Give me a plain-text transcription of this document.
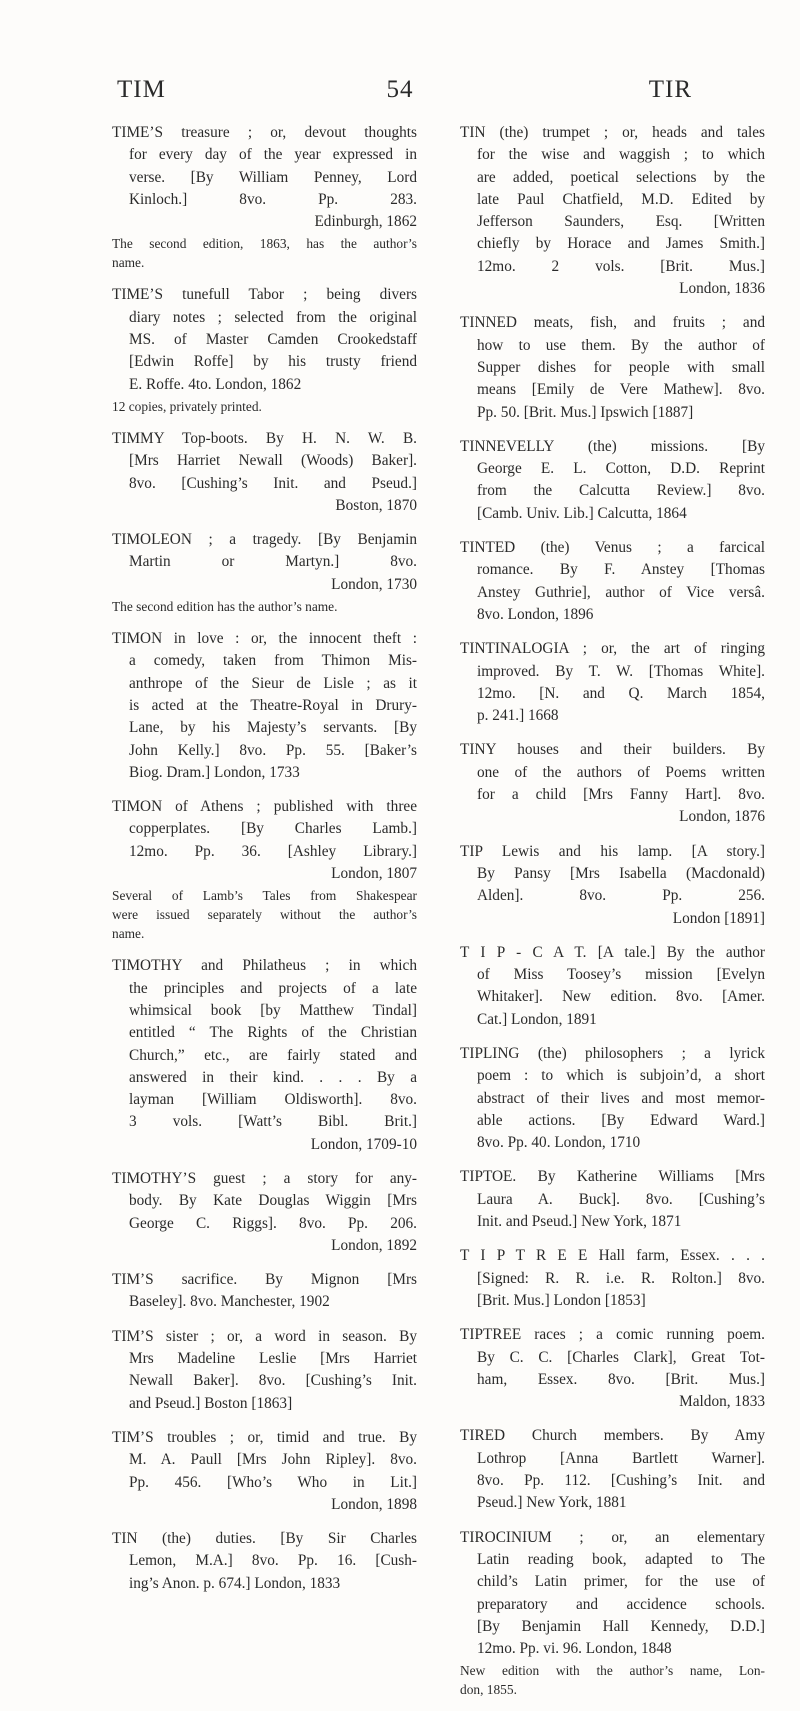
TIM	54	TIR
TIME’S treasure ; or, devout thoughts
for every day of the year expressed in
verse. [By William Penney, Lord
Kinloch.] 8vo. Pp. 283.
Edinburgh, 1862
The second edition, 1863, has the author’s
name.
TIME’S tunefull Tabor ; being divers
diary notes ; selected from the original
MS. of Master Camden Crookedstaff
[Edwin Roffe] by his trusty friend
E. Roffe. 4to. London, 1862
12 copies, privately printed.
TIMMY Top-boots. By H. N. W. B.
[Mrs Harriet Newall (Woods) Baker].
8vo. [Cushing’s Init. and Pseud.]
Boston, 1870
TIMOLEON ; a tragedy. [By Benjamin
Martin or Martyn.] 8vo.
London, 1730
The second edition has the author’s name.
TIMON in love : or, the innocent theft :
a comedy, taken from Thimon Mis-
anthrope of the Sieur de Lisle ; as it
is acted at the Theatre-Royal in Drury-
Lane, by his Majesty’s servants. [By
John Kelly.] 8vo. Pp. 55. [Baker’s
Biog. Dram.] London, 1733
TIMON of Athens ; published with three
copperplates. [By Charles Lamb.]
12mo. Pp. 36. [Ashley Library.]
London, 1807
Several of Lamb’s Tales from Shakespear
were issued separately without the author’s
name.
TIMOTHY and Philatheus ; in which
the principles and projects of a late
whimsical book [by Matthew Tindal]
entitled “ The Rights of the Christian
Church,” etc., are fairly stated and
answered in their kind. . . . By a
layman [William Oldisworth]. 8vo.
3 vols. [Watt’s Bibl. Brit.]
London, 1709-10
TIMOTHY’S guest ; a story for any-
body. By Kate Douglas Wiggin [Mrs
George C. Riggs]. 8vo. Pp. 206.
London, 1892
TIM’S sacrifice. By Mignon [Mrs
Baseley]. 8vo. Manchester, 1902
TIM’S sister ; or, a word in season. By
Mrs Madeline Leslie [Mrs Harriet
Newall Baker]. 8vo. [Cushing’s Init.
and Pseud.] Boston [1863]
TIM’S troubles ; or, timid and true. By
M. A. Paull [Mrs John Ripley]. 8vo.
Pp. 456. [Who’s Who in Lit.]
London, 1898
TIN (the) duties. [By Sir Charles
Lemon, M.A.] 8vo. Pp. 16. [Cush-
ing’s Anon. p. 674.] London, 1833
TIN (the) trumpet ; or, heads and tales
for the wise and waggish ; to which
are added, poetical selections by the
late Paul Chatfield, M.D. Edited by
Jefferson Saunders, Esq. [Written
chiefly by Horace and James Smith.]
12mo. 2 vols. [Brit. Mus.]
London, 1836
TINNED meats, fish, and fruits ; and
how to use them. By the author of
Supper dishes for people with small
means [Emily de Vere Mathew]. 8vo.
Pp. 50. [Brit. Mus.] Ipswich [1887]
TINNEVELLY (the) missions. [By
George E. L. Cotton, D.D. Reprint
from the Calcutta Review.] 8vo.
[Camb. Univ. Lib.] Calcutta, 1864
TINTED (the) Venus ; a farcical
romance. By F. Anstey [Thomas
Anstey Guthrie], author of Vice versâ.
8vo. London, 1896
TINTINALOGIA ; or, the art of ringing
improved. By T. W. [Thomas White].
12mo. [N. and Q. March 1854,
p. 241.] 1668
TINY houses and their builders. By
one of the authors of Poems written
for a child [Mrs Fanny Hart]. 8vo.
London, 1876
TIP Lewis and his lamp. [A story.]
By Pansy [Mrs Isabella (Macdonald)
Alden]. 8vo. Pp. 256.
London [1891]
T I P - C A T. [A tale.] By the author
of Miss Toosey’s mission [Evelyn
Whitaker]. New edition. 8vo. [Amer.
Cat.] London, 1891
TIPLING (the) philosophers ; a lyrick
poem : to which is subjoin’d, a short
abstract of their lives and most memor-
able actions. [By Edward Ward.]
8vo. Pp. 40. London, 1710
TIPTOE. By Katherine Williams [Mrs
Laura A. Buck]. 8vo. [Cushing’s
Init. and Pseud.] New York, 1871
T I P T R E E Hall farm, Essex. . . .
[Signed: R. R. i.e. R. Rolton.] 8vo.
[Brit. Mus.] London [1853]
TIPTREE races ; a comic running poem.
By C. C. [Charles Clark], Great Tot-
ham, Essex. 8vo. [Brit. Mus.]
Maldon, 1833
TIRED Church members. By Amy
Lothrop [Anna Bartlett Warner].
8vo. Pp. 112. [Cushing’s Init. and
Pseud.] New York, 1881
TIROCINIUM ; or, an elementary
Latin reading book, adapted to The
child’s Latin primer, for the use of
preparatory and accidence schools.
[By Benjamin Hall Kennedy, D.D.]
12mo. Pp. vi. 96. London, 1848
New edition with the author’s name, Lon-
don, 1855.
